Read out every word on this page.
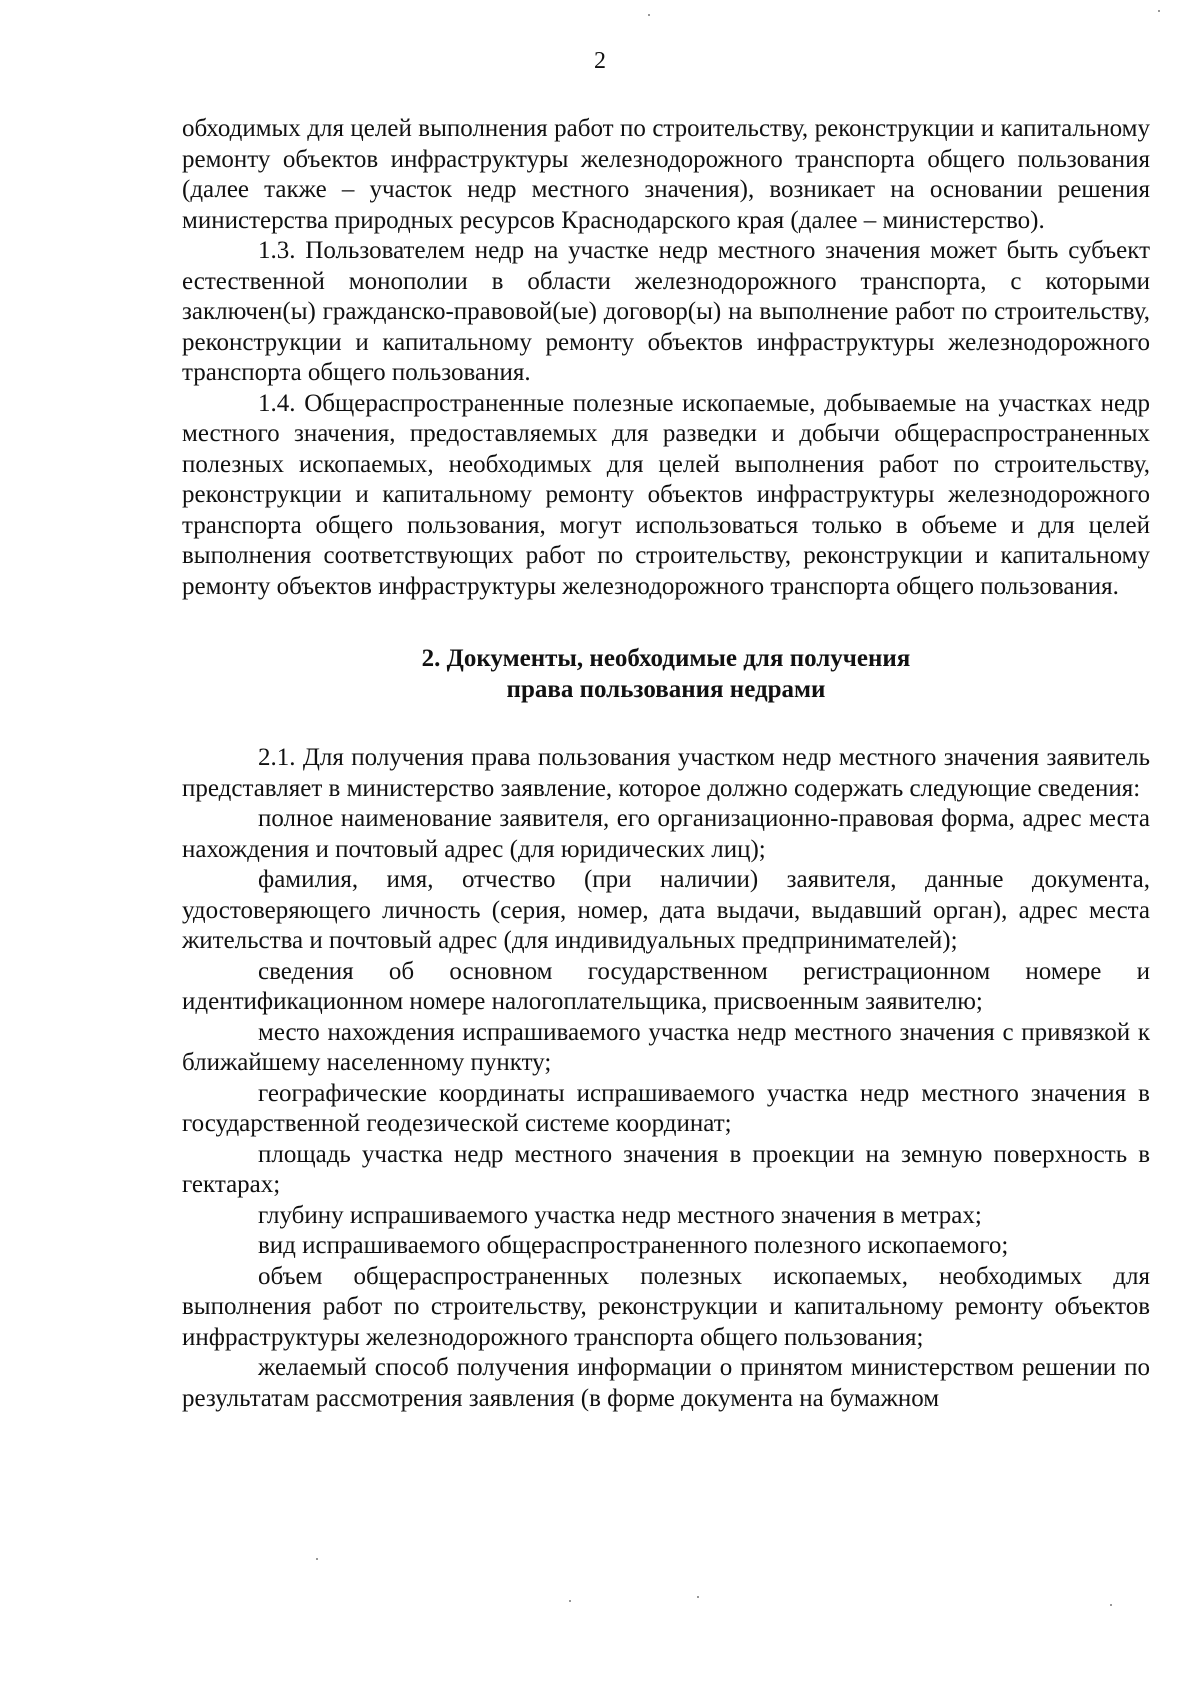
2

обходимых для целей выполнения работ по строительству, реконструкции и капитальному ремонту объектов инфраструктуры железнодорожного транспорта общего пользования (далее также – участок недр местного значения), возникает на основании решения министерства природных ресурсов Краснодарского края (далее – министерство).

1.3. Пользователем недр на участке недр местного значения может быть субъект естественной монополии в области железнодорожного транспорта, с которыми заключен(ы) гражданско-правовой(ые) договор(ы) на выполнение работ по строительству, реконструкции и капитальному ремонту объектов инфраструктуры железнодорожного транспорта общего пользования.

1.4. Общераспространенные полезные ископаемые, добываемые на участках недр местного значения, предоставляемых для разведки и добычи общераспространенных полезных ископаемых, необходимых для целей выполнения работ по строительству, реконструкции и капитальному ремонту объектов инфраструктуры железнодорожного транспорта общего пользования, могут использоваться только в объеме и для целей выполнения соответствующих работ по строительству, реконструкции и капитальному ремонту объектов инфраструктуры железнодорожного транспорта общего пользования.

2. Документы, необходимые для получения
права пользования недрами

2.1. Для получения права пользования участком недр местного значения заявитель представляет в министерство заявление, которое должно содержать следующие сведения:

полное наименование заявителя, его организационно-правовая форма, адрес места нахождения и почтовый адрес (для юридических лиц);

фамилия, имя, отчество (при наличии) заявителя, данные документа, удостоверяющего личность (серия, номер, дата выдачи, выдавший орган), адрес места жительства и почтовый адрес (для индивидуальных предпринимателей);

сведения об основном государственном регистрационном номере и идентификационном номере налогоплательщика, присвоенным заявителю;

место нахождения испрашиваемого участка недр местного значения с привязкой к ближайшему населенному пункту;

географические координаты испрашиваемого участка недр местного значения в государственной геодезической системе координат;

площадь участка недр местного значения в проекции на земную поверхность в гектарах;

глубину испрашиваемого участка недр местного значения в метрах;

вид испрашиваемого общераспространенного полезного ископаемого;

объем общераспространенных полезных ископаемых, необходимых для выполнения работ по строительству, реконструкции и капитальному ремонту объектов инфраструктуры железнодорожного транспорта общего пользования;

желаемый способ получения информации о принятом министерством решении по результатам рассмотрения заявления (в форме документа на бумажном
